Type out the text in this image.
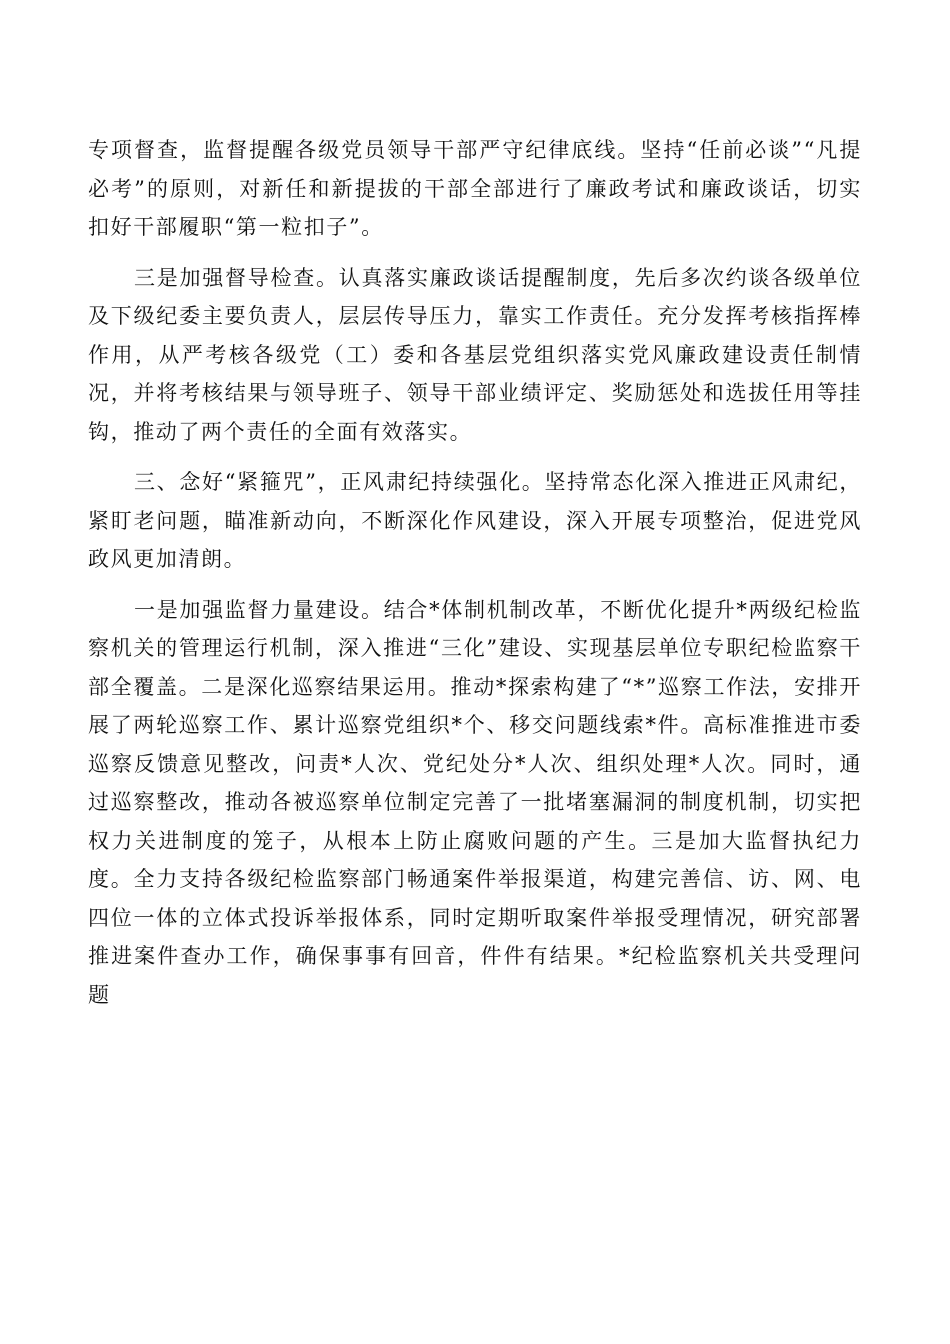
专项督查，监督提醒各级党员领导干部严守纪律底线。坚持“任前必谈”“凡提必考”的原则，对新任和新提拔的干部全部进行了廉政考试和廉政谈话，切实扣好干部履职“第一粒扣子”。

三是加强督导检查。认真落实廉政谈话提醒制度，先后多次约谈各级单位及下级纪委主要负责人，层层传导压力，靠实工作责任。充分发挥考核指挥棒作用，从严考核各级党（工）委和各基层党组织落实党风廉政建设责任制情况，并将考核结果与领导班子、领导干部业绩评定、奖励惩处和选拔任用等挂钩，推动了两个责任的全面有效落实。

三、念好“紧箍咒”，正风肃纪持续强化。坚持常态化深入推进正风肃纪，紧盯老问题，瞄准新动向，不断深化作风建设，深入开展专项整治，促进党风政风更加清朗。

一是加强监督力量建设。结合*体制机制改革，不断优化提升*两级纪检监察机关的管理运行机制，深入推进“三化”建设、实现基层单位专职纪检监察干部全覆盖。二是深化巡察结果运用。推动*探索构建了“*”巡察工作法，安排开展了两轮巡察工作、累计巡察党组织*个、移交问题线索*件。高标准推进市委巡察反馈意见整改，问责*人次、党纪处分*人次、组织处理*人次。同时，通过巡察整改，推动各被巡察单位制定完善了一批堵塞漏洞的制度机制，切实把权力关进制度的笼子，从根本上防止腐败问题的产生。三是加大监督执纪力度。全力支持各级纪检监察部门畅通案件举报渠道，构建完善信、访、网、电四位一体的立体式投诉举报体系，同时定期听取案件举报受理情况，研究部署推进案件查办工作，确保事事有回音，件件有结果。*纪检监察机关共受理问题
